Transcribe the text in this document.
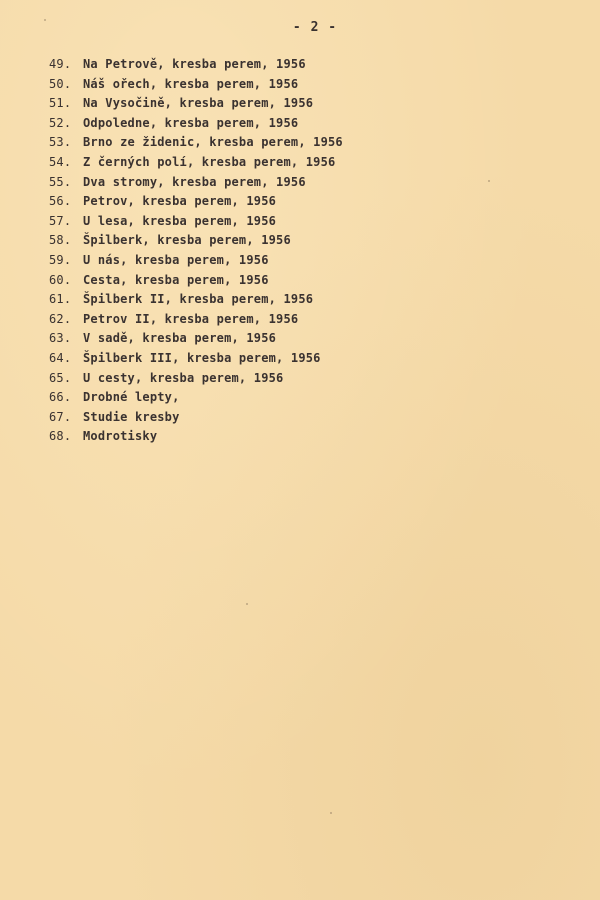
- 2 -
49. Na Petrově, kresba perem, 1956
50. Náš ořech, kresba perem, 1956
51. Na Vysočině, kresba perem, 1956
52. Odpoledne, kresba perem, 1956
53. Brno ze židenic, kresba perem, 1956
54. Z černých polí, kresba perem, 1956
55. Dva stromy, kresba perem, 1956
56. Petrov, kresba perem, 1956
57. U lesa, kresba perem, 1956
58. Špilberk, kresba perem, 1956
59. U nás, kresba perem, 1956
60. Cesta, kresba perem, 1956
61. Špilberk II, kresba perem, 1956
62. Petrov II, kresba perem, 1956
63. V sadě, kresba perem, 1956
64. Špilberk III, kresba perem, 1956
65. U cesty, kresba perem, 1956
66. Drobné lepty,
67. Studie kresby
68. Modrotisky
